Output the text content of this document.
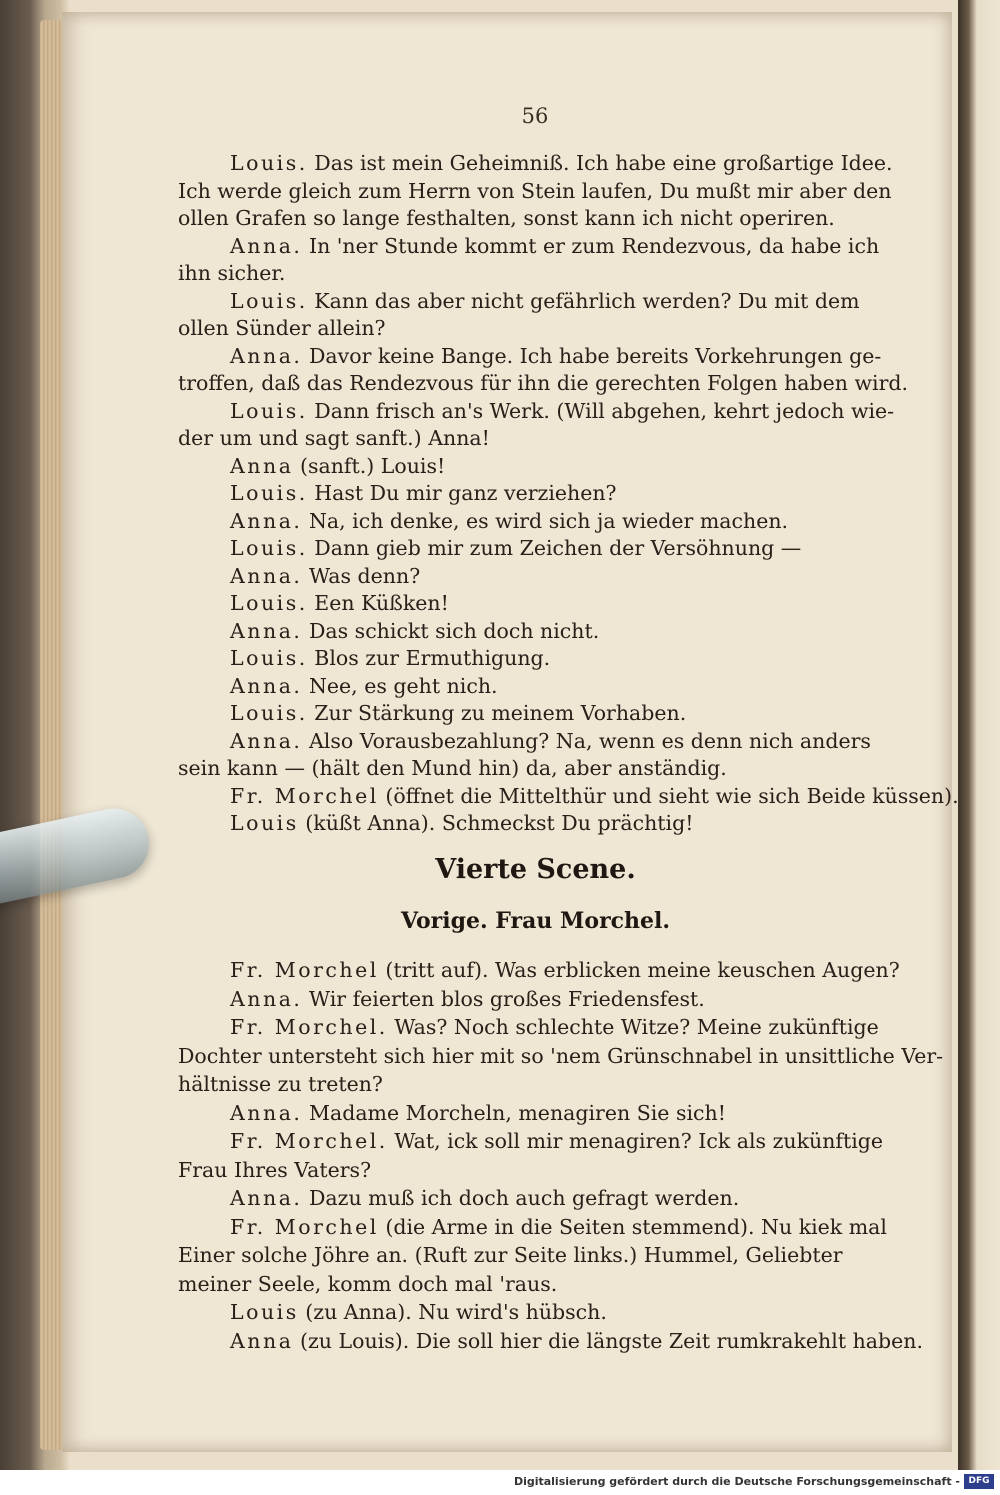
56
Louis. Das ist mein Geheimniß. Ich habe eine großartige Idee.
Ich werde gleich zum Herrn von Stein laufen, Du mußt mir aber den
ollen Grafen so lange festhalten, sonst kann ich nicht operiren.
Anna. In 'ner Stunde kommt er zum Rendezvous, da habe ich
ihn sicher.
Louis. Kann das aber nicht gefährlich werden? Du mit dem
ollen Sünder allein?
Anna. Davor keine Bange. Ich habe bereits Vorkehrungen ge-
troffen, daß das Rendezvous für ihn die gerechten Folgen haben wird.
Louis. Dann frisch an's Werk. (Will abgehen, kehrt jedoch wie-
der um und sagt sanft.) Anna!
Anna (sanft.) Louis!
Louis. Hast Du mir ganz verziehen?
Anna. Na, ich denke, es wird sich ja wieder machen.
Louis. Dann gieb mir zum Zeichen der Versöhnung —
Anna. Was denn?
Louis. Een Küßken!
Anna. Das schickt sich doch nicht.
Louis. Blos zur Ermuthigung.
Anna. Nee, es geht nich.
Louis. Zur Stärkung zu meinem Vorhaben.
Anna. Also Vorausbezahlung? Na, wenn es denn nich anders
sein kann — (hält den Mund hin) da, aber anständig.
Fr. Morchel (öffnet die Mittelthür und sieht wie sich Beide küssen).
Louis (küßt Anna). Schmeckst Du prächtig!
Vierte Scene.
Vorige. Frau Morchel.
Fr. Morchel (tritt auf). Was erblicken meine keuschen Augen?
Anna. Wir feierten blos großes Friedensfest.
Fr. Morchel. Was? Noch schlechte Witze? Meine zukünftige
Dochter untersteht sich hier mit so 'nem Grünschnabel in unsittliche Ver-
hältnisse zu treten?
Anna. Madame Morcheln, menagiren Sie sich!
Fr. Morchel. Wat, ick soll mir menagiren? Ick als zukünftige
Frau Ihres Vaters?
Anna. Dazu muß ich doch auch gefragt werden.
Fr. Morchel (die Arme in die Seiten stemmend). Nu kiek mal
Einer solche Jöhre an. (Ruft zur Seite links.) Hummel, Geliebter
meiner Seele, komm doch mal 'raus.
Louis (zu Anna). Nu wird's hübsch.
Anna (zu Louis). Die soll hier die längste Zeit rumkrakehlt haben.
Digitalisierung gefördert durch die Deutsche Forschungsgemeinschaft - DFG
